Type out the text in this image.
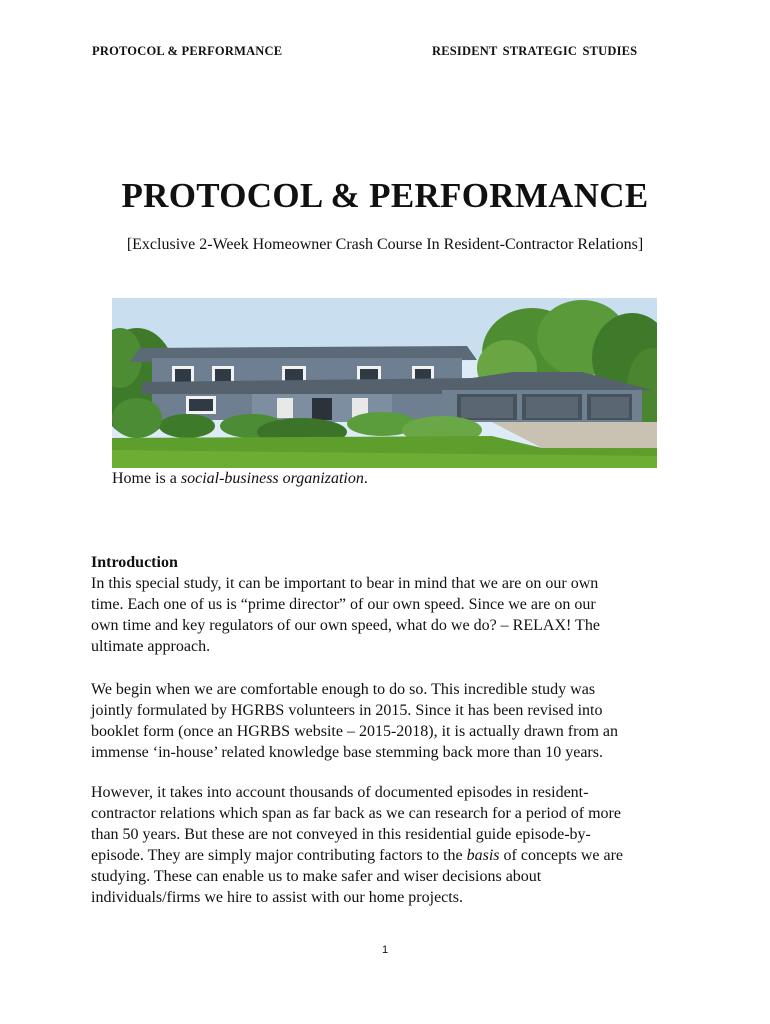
PROTOCOL & PERFORMANCE	RESIDENT STRATEGIC STUDIES
PROTOCOL & PERFORMANCE
[Exclusive 2-Week Homeowner Crash Course In Resident-Contractor Relations]
Home is a social-business organization.
Introduction
In this special study, it can be important to bear in mind that we are on our own
time. Each one of us is “prime director” of our own speed. Since we are on our
own time and key regulators of our own speed, what do we do? – RELAX! The
ultimate approach.
We begin when we are comfortable enough to do so. This incredible study was
jointly formulated by HGRBS volunteers in 2015. Since it has been revised into
booklet form (once an HGRBS website – 2015-2018), it is actually drawn from an
immense ‘in-house’ related knowledge base stemming back more than 10 years.
However, it takes into account thousands of documented episodes in resident-
contractor relations which span as far back as we can research for a period of more
than 50 years. But these are not conveyed in this residential guide episode-by-
episode. They are simply major contributing factors to the basis of concepts we are
studying. These can enable us to make safer and wiser decisions about
individuals/firms we hire to assist with our home projects.
1
